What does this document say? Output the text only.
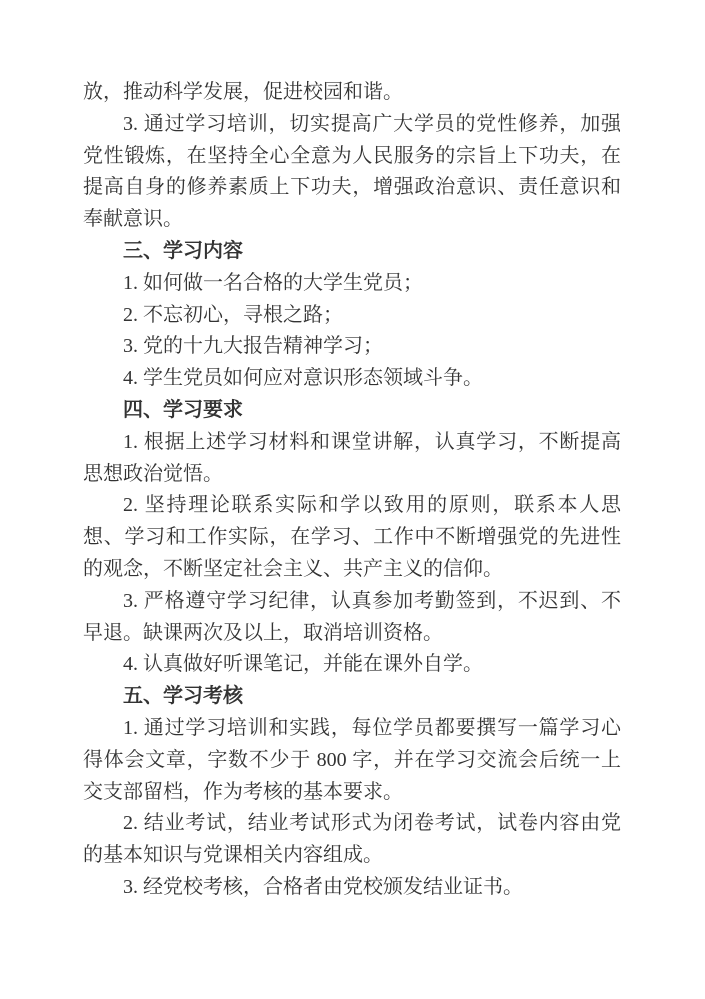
放，推动科学发展，促进校园和谐。

3. 通过学习培训，切实提高广大学员的党性修养，加强党性锻炼，在坚持全心全意为人民服务的宗旨上下功夫，在提高自身的修养素质上下功夫，增强政治意识、责任意识和奉献意识。

三、学习内容

1. 如何做一名合格的大学生党员；

2. 不忘初心，寻根之路；

3. 党的十九大报告精神学习；

4. 学生党员如何应对意识形态领域斗争。

四、学习要求

1. 根据上述学习材料和课堂讲解，认真学习，不断提高思想政治觉悟。

2. 坚持理论联系实际和学以致用的原则，联系本人思想、学习和工作实际，在学习、工作中不断增强党的先进性的观念，不断坚定社会主义、共产主义的信仰。

3. 严格遵守学习纪律，认真参加考勤签到，不迟到、不早退。缺课两次及以上，取消培训资格。

4. 认真做好听课笔记，并能在课外自学。

五、学习考核

1. 通过学习培训和实践，每位学员都要撰写一篇学习心得体会文章，字数不少于 800 字，并在学习交流会后统一上交支部留档，作为考核的基本要求。

2. 结业考试，结业考试形式为闭卷考试，试卷内容由党的基本知识与党课相关内容组成。

3. 经党校考核，合格者由党校颁发结业证书。
